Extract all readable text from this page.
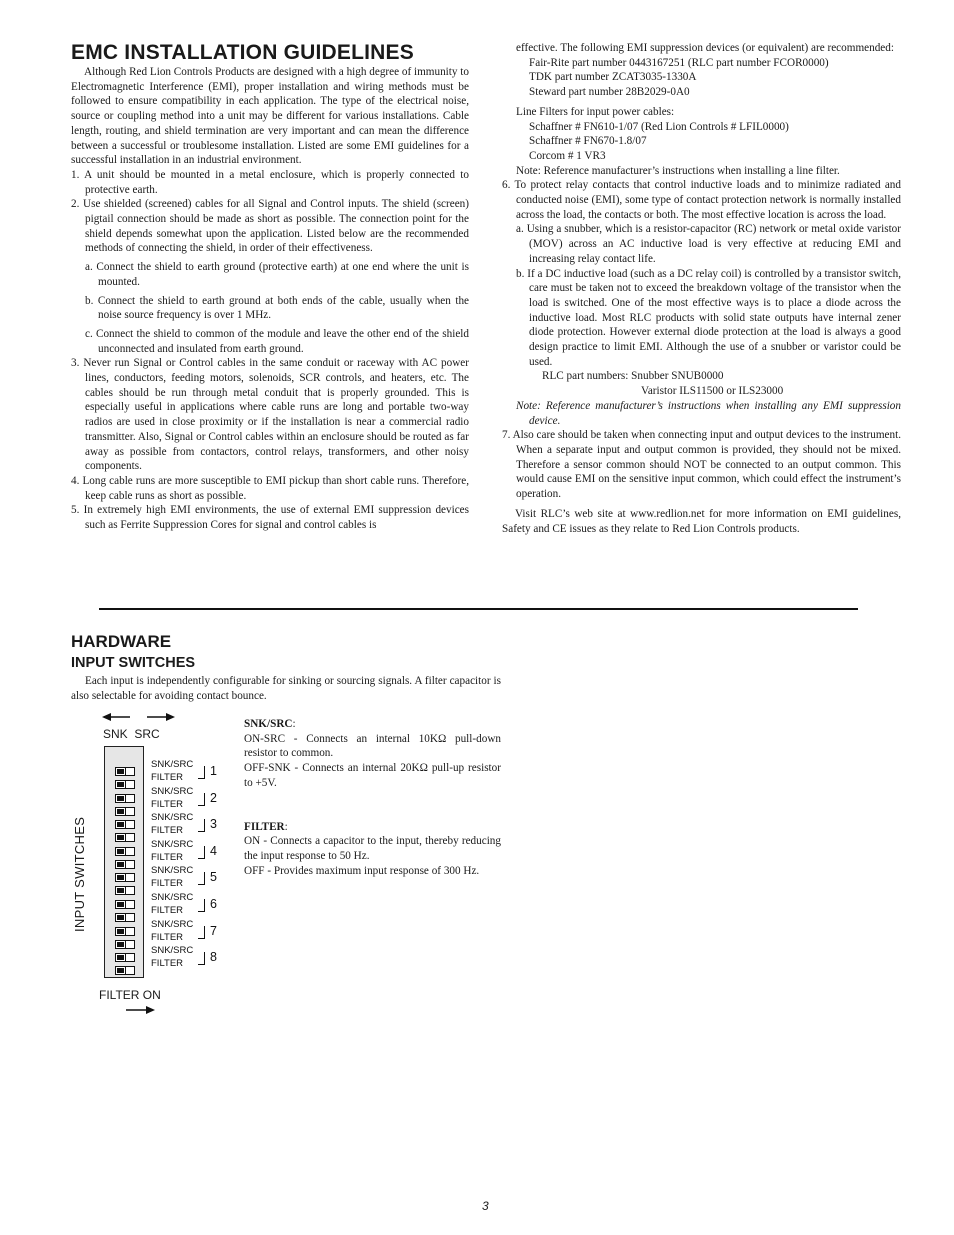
EMC INSTALLATION GUIDELINES

Although Red Lion Controls Products are designed with a high degree of immunity to Electromagnetic Interference (EMI), proper installation and wiring methods must be followed to ensure compatibility in each application. The type of the electrical noise, source or coupling method into a unit may be different for various installations. Cable length, routing, and shield termination are very important and can mean the difference between a successful or troublesome installation. Listed are some EMI guidelines for a successful installation in an industrial environment.

1. A unit should be mounted in a metal enclosure, which is properly connected to protective earth.

2. Use shielded (screened) cables for all Signal and Control inputs. The shield (screen) pigtail connection should be made as short as possible. The connection point for the shield depends somewhat upon the application. Listed below are the recommended methods of connecting the shield, in order of their effectiveness.

a. Connect the shield to earth ground (protective earth) at one end where the unit is mounted.

b. Connect the shield to earth ground at both ends of the cable, usually when the noise source frequency is over 1 MHz.

c. Connect the shield to common of the module and leave the other end of the shield unconnected and insulated from earth ground.

3. Never run Signal or Control cables in the same conduit or raceway with AC power lines, conductors, feeding motors, solenoids, SCR controls, and heaters, etc. The cables should be run through metal conduit that is properly grounded. This is especially useful in applications where cable runs are long and portable two-way radios are used in close proximity or if the installation is near a commercial radio transmitter. Also, Signal or Control cables within an enclosure should be routed as far away as possible from contactors, control relays, transformers, and other noisy components.

4. Long cable runs are more susceptible to EMI pickup than short cable runs. Therefore, keep cable runs as short as possible.

5. In extremely high EMI environments, the use of external EMI suppression devices such as Ferrite Suppression Cores for signal and control cables is

effective. The following EMI suppression devices (or equivalent) are recommended:

Fair-Rite part number 0443167251 (RLC part number FCOR0000)

TDK part number ZCAT3035-1330A

Steward part number 28B2029-0A0

Line Filters for input power cables:

Schaffner # FN610-1/07 (Red Lion Controls # LFIL0000)

Schaffner # FN670-1.8/07

Corcom # 1 VR3

Note: Reference manufacturer’s instructions when installing a line filter.

6. To protect relay contacts that control inductive loads and to minimize radiated and conducted noise (EMI), some type of contact protection network is normally installed across the load, the contacts or both. The most effective location is across the load.

a. Using a snubber, which is a resistor-capacitor (RC) network or metal oxide varistor (MOV) across an AC inductive load is very effective at reducing EMI and increasing relay contact life.

b. If a DC inductive load (such as a DC relay coil) is controlled by a transistor switch, care must be taken not to exceed the breakdown voltage of the transistor when the load is switched. One of the most effective ways is to place a diode across the inductive load. Most RLC products with solid state outputs have internal zener diode protection. However external diode protection at the load is always a good design practice to limit EMI. Although the use of a snubber or varistor could be used.

RLC part numbers: Snubber SNUB0000

Varistor ILS11500 or ILS23000

Note: Reference manufacturer’s instructions when installing any EMI suppression device.

7. Also care should be taken when connecting input and output devices to the instrument. When a separate input and output common is provided, they should not be mixed. Therefore a sensor common should NOT be connected to an output common. This would cause EMI on the sensitive input common, which could effect the instrument’s operation.

Visit RLC’s web site at www.redlion.net for more information on EMI guidelines, Safety and CE issues as they relate to Red Lion Controls products.

HARDWARE
INPUT SWITCHES
Each input is independently configurable for sinking or sourcing signals. A filter capacitor is also selectable for avoiding contact bounce.

SNK/SRC:

ON-SRC - Connects an internal 10KΩ pull-down resistor to common.

OFF-SNK - Connects an internal 20KΩ pull-up resistor to +5V.

FILTER:

ON - Connects a capacitor to the input, thereby reducing the input response to 50 Hz.

OFF - Provides maximum input response of 300 Hz.

SNK  SRC
SNK/SRC
FILTER 1
SNK/SRC
FILTER 2
SNK/SRC
FILTER 3
SNK/SRC
FILTER 4
SNK/SRC
FILTER 5
SNK/SRC
FILTER 6
SNK/SRC
FILTER 7
SNK/SRC
FILTER 8
INPUT SWITCHES
FILTER ON
3
